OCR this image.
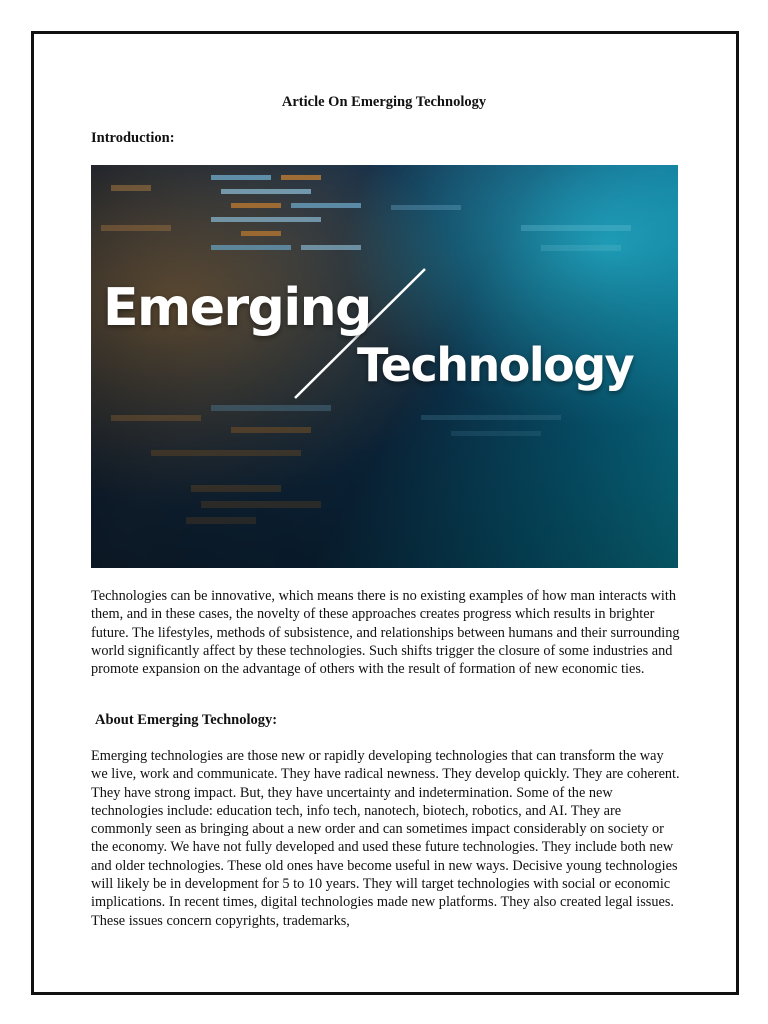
Article On Emerging Technology
Introduction:
Emerging
Technology

Technologies can be innovative, which means there is no existing examples of how man interacts with them, and in these cases, the novelty of these approaches creates progress which results in brighter future. The lifestyles, methods of subsistence, and relationships between humans and their surrounding world significantly affect by these technologies. Such shifts trigger the closure of some industries and promote expansion on the advantage of others with the result of formation of new economic ties.

About Emerging Technology:

Emerging technologies are those new or rapidly developing technologies that can transform the way we live, work and communicate. They have radical newness. They develop quickly. They are coherent. They have strong impact. But, they have uncertainty and indetermination. Some of the new technologies include: education tech, info tech, nanotech, biotech, robotics, and AI. They are commonly seen as bringing about a new order and can sometimes impact considerably on society or the economy. We have not fully developed and used these future technologies. They include both new and older technologies. These old ones have become useful in new ways. Decisive young technologies will likely be in development for 5 to 10 years. They will target technologies with social or economic implications. In recent times, digital technologies made new platforms. They also created legal issues. These issues concern copyrights, trademarks,
